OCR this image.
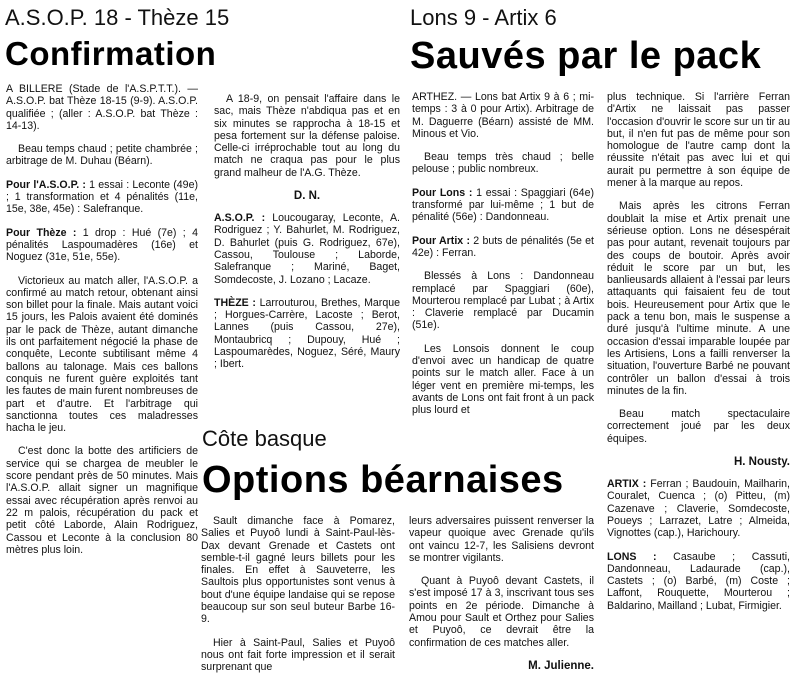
A.S.O.P. 18 - Thèze 15
Confirmation

A BILLERE (Stade de l'A.S.P.T.T.). — A.S.O.P. bat Thèze 18-15 (9-9). A.S.O.P. qualifiée ; (aller : A.S.O.P. bat Thèze : 14-13).

Beau temps chaud ; petite chambrée ; arbitrage de M. Duhau (Béarn).

Pour l'A.S.O.P. : 1 essai : Leconte (49e) ; 1 transformation et 4 pénalités (11e, 15e, 38e, 45e) : Salefranque.

Pour Thèze : 1 drop : Hué (7e) ; 4 pénalités Laspoumadères (16e) et Noguez (31e, 51e, 55e).

Victorieux au match aller, l'A.S.O.P. a confirmé au match retour, obtenant ainsi son billet pour la finale. Mais autant voici 15 jours, les Palois avaient été dominés par le pack de Thèze, autant dimanche ils ont parfaitement négocié la phase de conquête, Leconte subtilisant même 4 ballons au talonage. Mais ces ballons conquis ne furent guère exploités tant les fautes de main furent nombreuses de part et d'autre. Et l'arbitrage qui sanctionna toutes ces maladresses hacha le jeu.

C'est donc la botte des artificiers de service qui se chargea de meubler le score pendant près de 50 minutes. Mais l'A.S.O.P. allait signer un magnifique essai avec récupération après renvoi au 22 m palois, récupération du pack et petit côté Laborde, Alain Rodriguez, Cassou et Leconte à la conclusion 80 mètres plus loin.

A 18-9, on pensait l'affaire dans le sac, mais Thèze n'abdiqua pas et en six minutes se rapprocha à 18-15 et pesa fortement sur la défense paloise. Celle-ci irréprochable tout au long du match ne craqua pas pour le plus grand malheur de l'A.G. Thèze.

D. N.

A.S.O.P. : Loucougaray, Leconte, A. Rodriguez ; Y. Bahurlet, M. Rodriguez, D. Bahurlet (puis G. Rodriguez, 67e), Cassou, Toulouse ; Laborde, Salefranque ; Mariné, Baget, Somdecoste, J. Lozano ; Lacaze.

THÈZE : Larrouturou, Brethes, Marque ; Horgues-Carrère, Lacoste ; Berot, Lannes (puis Cassou, 27e), Montaubricq ; Dupouy, Hué ; Laspoumarèdes, Noguez, Séré, Maury ; Ibert.

Lons 9 - Artix 6
Sauvés par le pack

ARTHEZ. — Lons bat Artix 9 à 6 ; mi-temps : 3 à 0 pour Artix). Arbitrage de M. Daguerre (Béarn) assisté de MM. Minous et Vio.

Beau temps très chaud ; belle pelouse ; public nombreux.

Pour Lons : 1 essai : Spaggiari (64e) transformé par lui-même ; 1 but de pénalité (56e) : Dandonneau.

Pour Artix : 2 buts de pénalités (5e et 42e) : Ferran.

Blessés à Lons : Dandonneau remplacé par Spaggiari (60e), Mourterou remplacé par Lubat ; à Artix : Claverie remplacé par Ducamin (51e).

Les Lonsois donnent le coup d'envoi avec un handicap de quatre points sur le match aller. Face à un léger vent en première mi-temps, les avants de Lons ont fait front à un pack plus lourd et

plus technique. Si l'arrière Ferran d'Artix ne laissait pas passer l'occasion d'ouvrir le score sur un tir au but, il n'en fut pas de même pour son homologue de l'autre camp dont la réussite n'était pas avec lui et qui aurait pu permettre à son équipe de mener à la marque au repos.

Mais après les citrons Ferran doublait la mise et Artix prenait une sérieuse option. Lons ne désespérait pas pour autant, revenait toujours par des coups de boutoir. Après avoir réduit le score par un but, les banlieusards allaient à l'essai par leurs attaquants qui faisaient feu de tout bois. Heureusement pour Artix que le pack a tenu bon, mais le suspense a duré jusqu'à l'ultime minute. A une occasion d'essai imparable loupée par les Artisiens, Lons a failli renverser la situation, l'ouverture Barbé ne pouvant contrôler un ballon d'essai à trois minutes de la fin.

Beau match spectaculaire correctement joué par les deux équipes.

H. Nousty.

ARTIX : Ferran ; Baudouin, Mailharin, Couralet, Cuenca ; (o) Pitteu, (m) Cazenave ; Claverie, Somdecoste, Poueys ; Larrazet, Latre ; Almeida, Vignottes (cap.), Harichoury.

LONS : Casaube ; Cassuti, Dandonneau, Ladaurade (cap.), Castets ; (o) Barbé, (m) Coste ; Laffont, Rouquette, Mourterou ; Baldarino, Mailland ; Lubat, Firmigier.

Côte basque
Options béarnaises

Sault dimanche face à Pomarez, Salies et Puyoô lundi à Saint-Paul-lès-Dax devant Grenade et Castets ont semble-t-il gagné leurs billets pour les finales. En effet à Sauveterre, les Saultois plus opportunistes sont venus à bout d'une équipe landaise qui se repose beaucoup sur son seul buteur Barbe 16-9.

Hier à Saint-Paul, Salies et Puyoô nous ont fait forte impression et il serait surprenant que

leurs adversaires puissent renverser la vapeur quoique avec Grenade qu'ils ont vaincu 12-7, les Salisiens devront se montrer vigilants.

Quant à Puyoô devant Castets, il s'est imposé 17 à 3, inscrivant tous ses points en 2e période. Dimanche à Amou pour Sault et Orthez pour Salies et Puyoô, ce devrait être la confirmation de ces matches aller.

M. Julienne.
